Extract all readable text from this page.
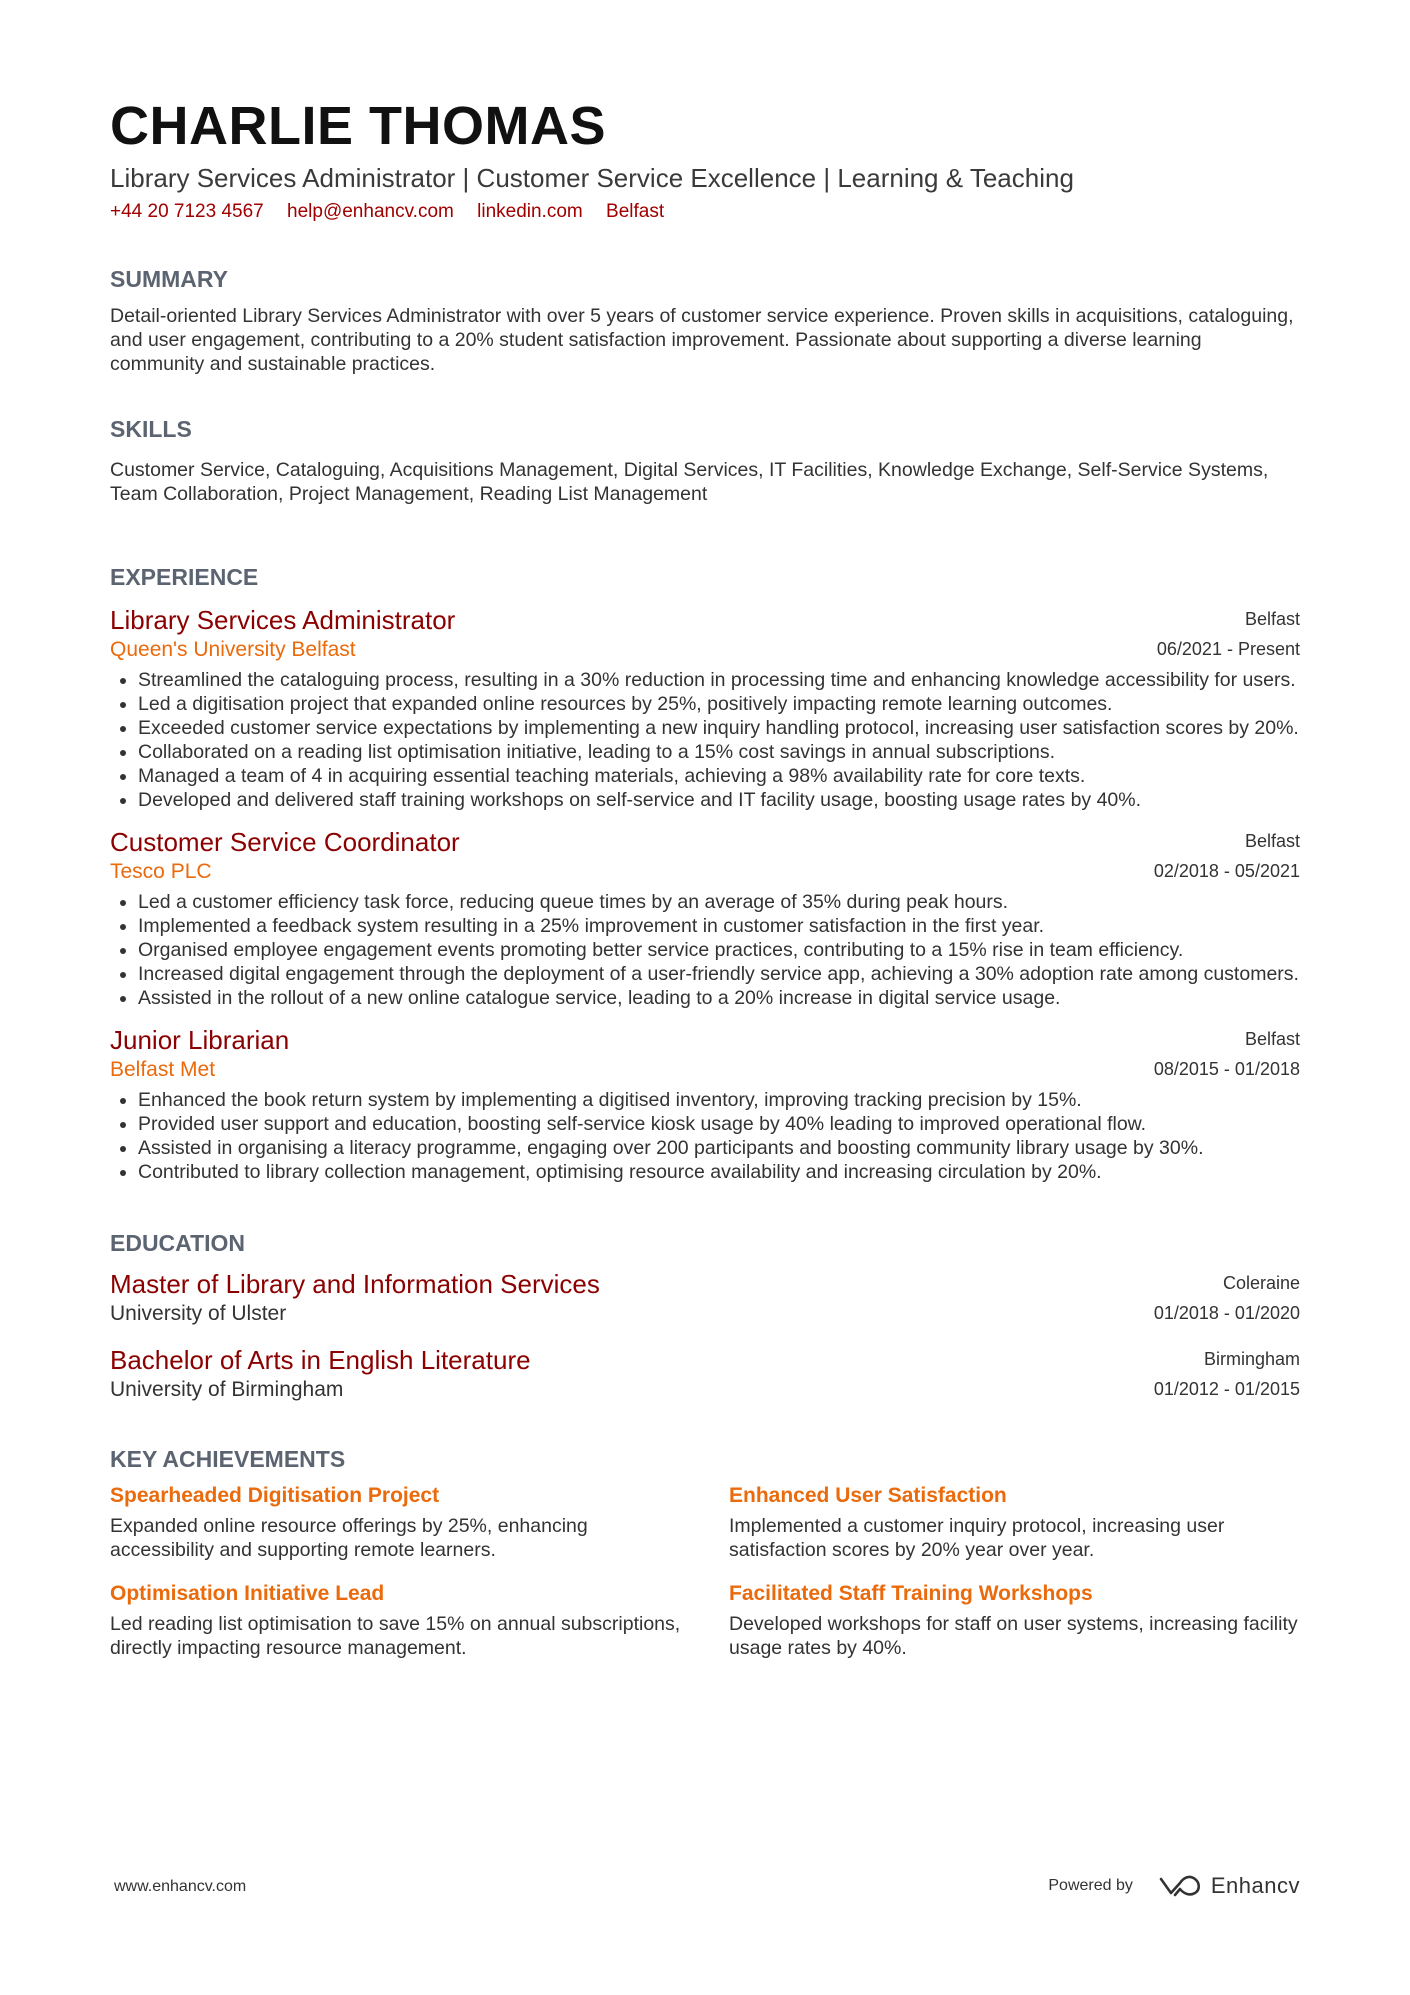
CHARLIE THOMAS
Library Services Administrator | Customer Service Excellence | Learning & Teaching
+44 20 7123 4567 help@enhancv.com linkedin.com Belfast
SUMMARY
Detail-oriented Library Services Administrator with over 5 years of customer service experience. Proven skills in acquisitions, cataloguing, and user engagement, contributing to a 20% student satisfaction improvement. Passionate about supporting a diverse learning community and sustainable practices.
SKILLS
Customer Service, Cataloguing, Acquisitions Management, Digital Services, IT Facilities, Knowledge Exchange, Self-Service Systems, Team Collaboration, Project Management, Reading List Management
EXPERIENCE
Library Services Administrator
Queen's University Belfast
Belfast
06/2021 - Present
• Streamlined the cataloguing process, resulting in a 30% reduction in processing time and enhancing knowledge accessibility for users.
• Led a digitisation project that expanded online resources by 25%, positively impacting remote learning outcomes.
• Exceeded customer service expectations by implementing a new inquiry handling protocol, increasing user satisfaction scores by 20%.
• Collaborated on a reading list optimisation initiative, leading to a 15% cost savings in annual subscriptions.
• Managed a team of 4 in acquiring essential teaching materials, achieving a 98% availability rate for core texts.
• Developed and delivered staff training workshops on self-service and IT facility usage, boosting usage rates by 40%.
Customer Service Coordinator
Tesco PLC
Belfast
02/2018 - 05/2021
• Led a customer efficiency task force, reducing queue times by an average of 35% during peak hours.
• Implemented a feedback system resulting in a 25% improvement in customer satisfaction in the first year.
• Organised employee engagement events promoting better service practices, contributing to a 15% rise in team efficiency.
• Increased digital engagement through the deployment of a user-friendly service app, achieving a 30% adoption rate among customers.
• Assisted in the rollout of a new online catalogue service, leading to a 20% increase in digital service usage.
Junior Librarian
Belfast Met
Belfast
08/2015 - 01/2018
• Enhanced the book return system by implementing a digitised inventory, improving tracking precision by 15%.
• Provided user support and education, boosting self-service kiosk usage by 40% leading to improved operational flow.
• Assisted in organising a literacy programme, engaging over 200 participants and boosting community library usage by 30%.
• Contributed to library collection management, optimising resource availability and increasing circulation by 20%.
EDUCATION
Master of Library and Information Services
University of Ulster
Coleraine
01/2018 - 01/2020
Bachelor of Arts in English Literature
University of Birmingham
Birmingham
01/2012 - 01/2015
KEY ACHIEVEMENTS
Spearheaded Digitisation Project
Expanded online resource offerings by 25%, enhancing accessibility and supporting remote learners.
Enhanced User Satisfaction
Implemented a customer inquiry protocol, increasing user satisfaction scores by 20% year over year.
Optimisation Initiative Lead
Led reading list optimisation to save 15% on annual subscriptions, directly impacting resource management.
Facilitated Staff Training Workshops
Developed workshops for staff on user systems, increasing facility usage rates by 40%.
www.enhancv.com	Powered by	Enhancv
